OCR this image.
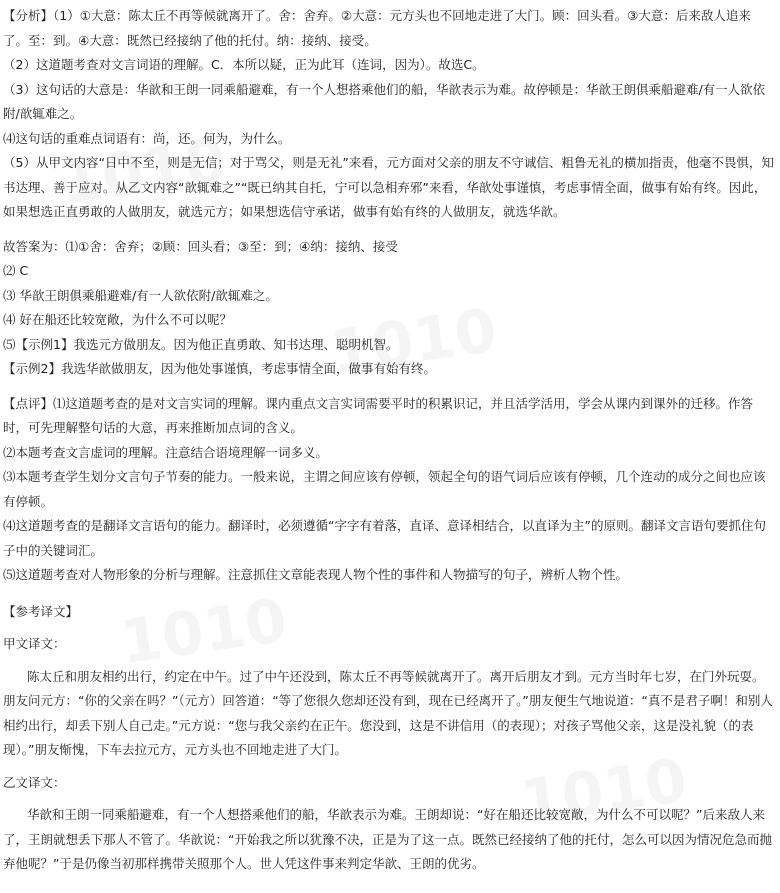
【分析】（1）①大意：陈太丘不再等候就离开了。舍：舍弃。②大意：元方头也不回地走进了大门。顾：回头看。③大意：后来敌人追来了。至：到。④大意：既然已经接纳了他的托付。纳：接纳、接受。

（2）这道题考查对文言词语的理解。C．本所以疑，正为此耳（连词，因为）。故选C。

（3）这句话的大意是：华歆和王朗一同乘船避难，有一个人想搭乘他们的船，华歆表示为难。故停顿是：华歆王朗俱乘船避难/有一人欲依附/歆辄难之。

⑷这句话的重难点词语有：尚，还。何为，为什么。

（5）从甲文内容“日中不至，则是无信；对于骂父，则是无礼”来看，元方面对父亲的朋友不守诚信、粗鲁无礼的横加指责，他毫不畏惧，知书达理、善于应对。从乙文内容“歆辄难之”“既已纳其自托，宁可以急相弃邪”来看，华歆处事谨慎，考虑事情全面，做事有始有终。因此，如果想选正直勇敢的人做朋友，就选元方；如果想选信守承诺，做事有始有终的人做朋友，就选华歆。

故答案为：⑴①舍：舍弃；②顾：回头看；③至：到；④纳：接纳、接受

⑵ C

⑶ 华歆王朗俱乘船避难/有一人欲依附/歆辄难之。

⑷ 好在船还比较宽敞，为什么不可以呢？

⑸【示例1】我选元方做朋友。因为他正直勇敢、知书达理、聪明机智。

【示例2】我选华歆做朋友，因为他处事谨慎，考虑事情全面，做事有始有终。

【点评】⑴这道题考查的是对文言实词的理解。课内重点文言实词需要平时的积累识记，并且活学活用，学会从课内到课外的迁移。作答时，可先理解整句话的大意，再来推断加点词的含义。

⑵本题考查文言虚词的理解。注意结合语境理解一词多义。

⑶本题考查学生划分文言句子节奏的能力。一般来说，主谓之间应该有停顿，领起全句的语气词后应该有停顿，几个连动的成分之间也应该有停顿。

⑷这道题考查的是翻译文言语句的能力。翻译时，必须遵循“字字有着落，直译、意译相结合，以直译为主”的原则。翻译文言语句要抓住句子中的关键词汇。

⑸这道题考查对人物形象的分析与理解。注意抓住文章能表现人物个性的事件和人物描写的句子，辨析人物个性。

【参考译文】

甲文译文：

陈太丘和朋友相约出行，约定在中午。过了中午还没到，陈太丘不再等候就离开了。离开后朋友才到。元方当时年七岁，在门外玩耍。朋友问元方：“你的父亲在吗？”（元方）回答道：“等了您很久您却还没有到，现在已经离开了。”朋友便生气地说道：“真不是君子啊！和别人相约出行，却丢下别人自己走。”元方说：“您与我父亲约在正午。您没到，这是不讲信用（的表现）；对孩子骂他父亲，这是没礼貌（的表现）。”朋友惭愧，下车去拉元方，元方头也不回地走进了大门。

乙文译文：

华歆和王朗一同乘船避难，有一个人想搭乘他们的船，华歆表示为难。王朗却说：“好在船还比较宽敞，为什么不可以呢？”后来敌人来了，王朗就想丢下那人不管了。华歆说：“开始我之所以犹豫不决，正是为了这一点。既然已经接纳了他的托付，怎么可以因为情况危急而抛弃他呢？”于是仍像当初那样携带关照那个人。世人凭这件事来判定华歆、王朗的优劣。
